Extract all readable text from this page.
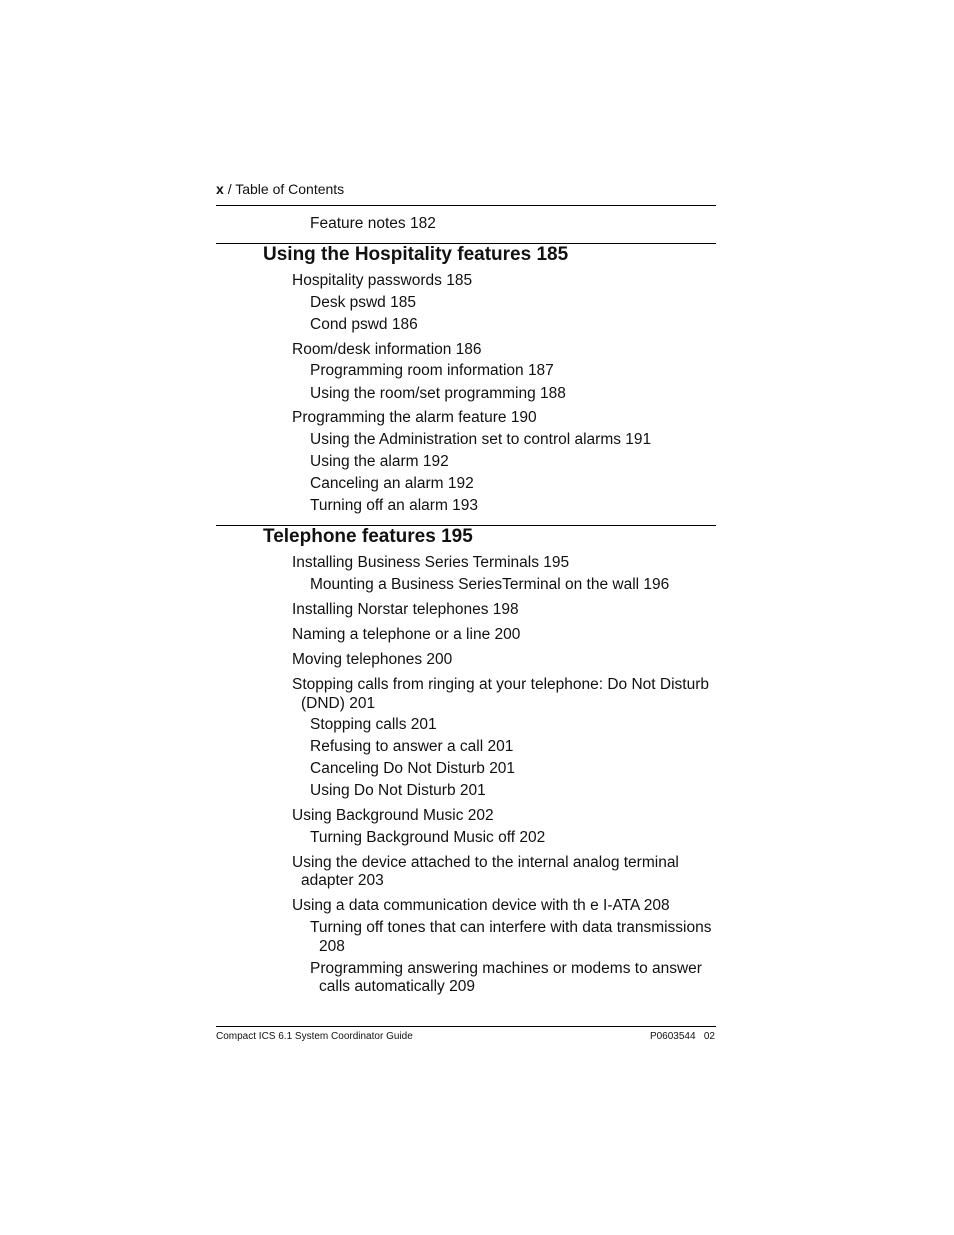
x / Table of Contents
Feature notes 182
Using the Hospitality features 185
Hospitality passwords 185
Desk pswd 185
Cond pswd 186
Room/desk information 186
Programming room information 187
Using the room/set programming 188
Programming the alarm feature 190
Using the Administration set to control alarms 191
Using the alarm 192
Canceling an alarm 192
Turning off an alarm 193
Telephone features 195
Installing Business Series Terminals 195
Mounting a Business SeriesTerminal on the wall 196
Installing Norstar telephones 198
Naming a telephone or a line 200
Moving telephones 200
Stopping calls from ringing at your telephone: Do Not Disturb
(DND) 201
Stopping calls 201
Refusing to answer a call 201
Canceling Do Not Disturb 201
Using Do Not Disturb 201
Using Background Music 202
Turning Background Music off 202
Using the device attached to the internal analog terminal
adapter 203
Using a data communication device with th e I-ATA 208
Turning off tones that can interfere with data transmissions
208
Programming answering machines or modems to answer
calls automatically 209
Compact ICS 6.1 System Coordinator Guide	P0603544   02
